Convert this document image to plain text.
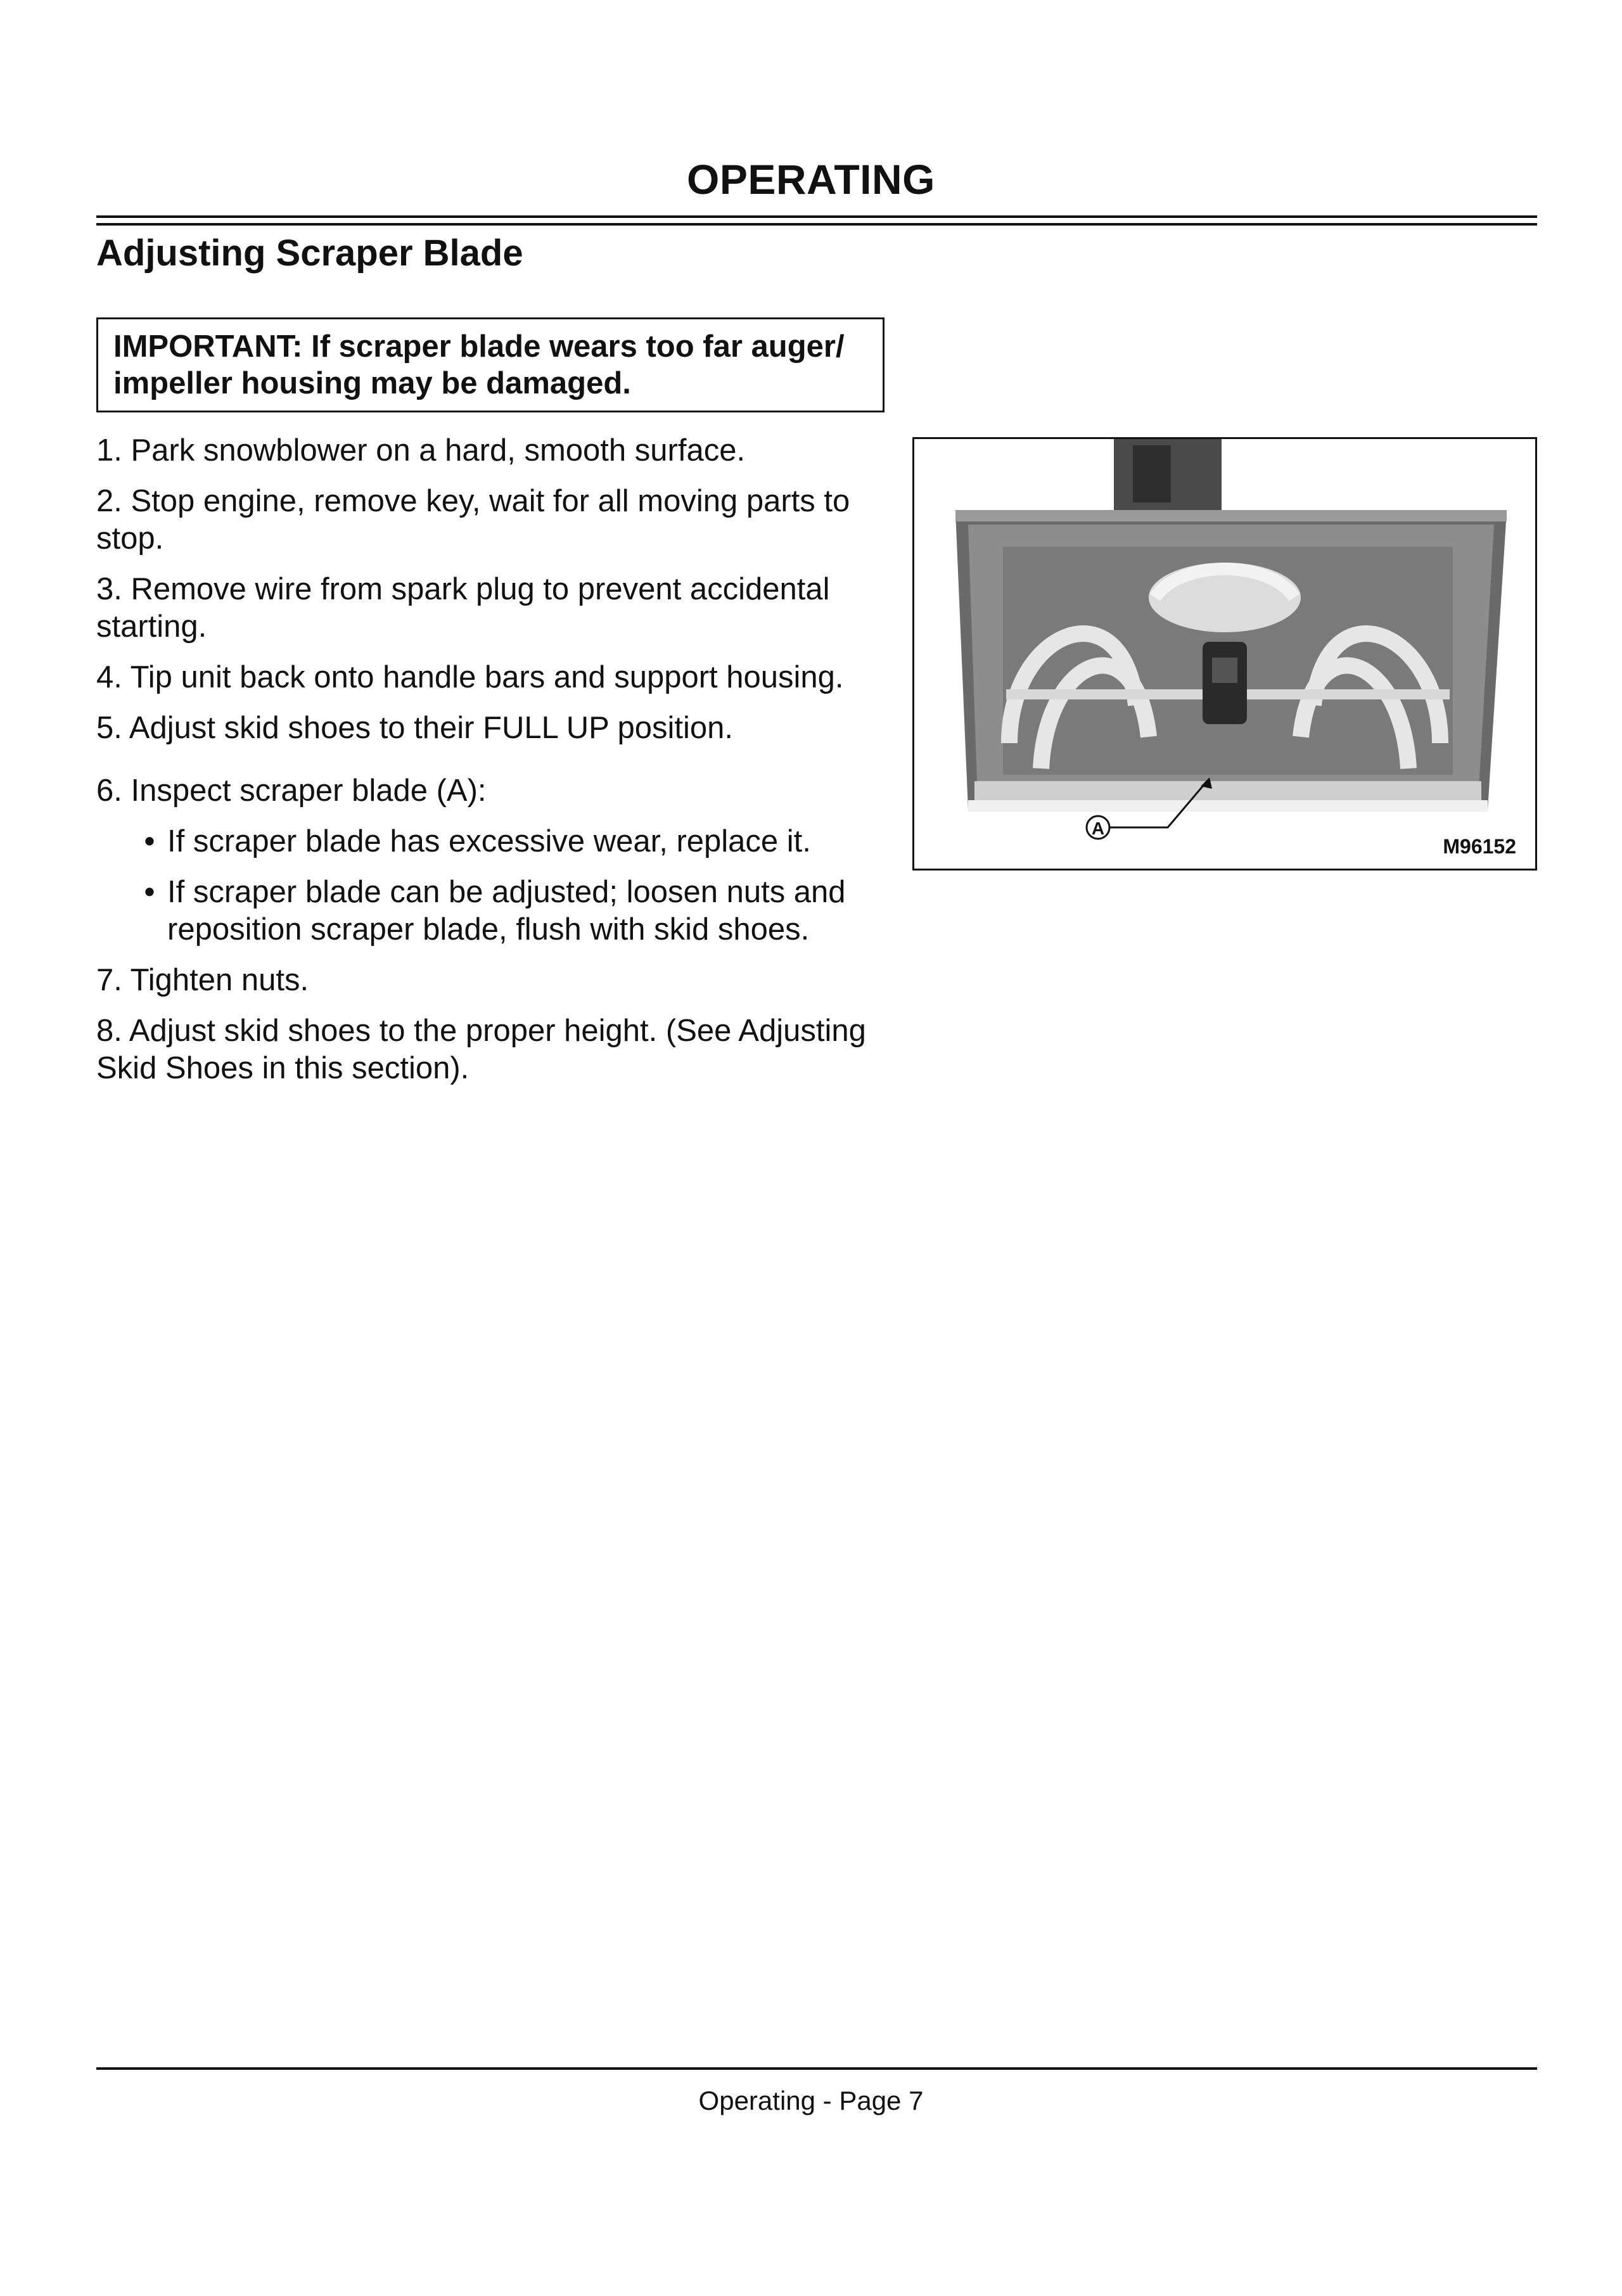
OPERATING
Adjusting Scraper Blade
IMPORTANT: If scraper blade wears too far auger/ impeller housing may be damaged.

1. Park snowblower on a hard, smooth surface.

2. Stop engine, remove key, wait for all moving parts to stop.

3. Remove wire from spark plug to prevent accidental starting.

4. Tip unit back onto handle bars and support housing.

5. Adjust skid shoes to their FULL UP position.

6. Inspect scraper blade (A):

• If scraper blade has excessive wear, replace it.

• If scraper blade can be adjusted; loosen nuts and reposition scraper blade, flush with skid shoes.

7. Tighten nuts.

8. Adjust skid shoes to the proper height. (See Adjusting Skid Shoes in this section).

A
M96152
Operating - Page 7
